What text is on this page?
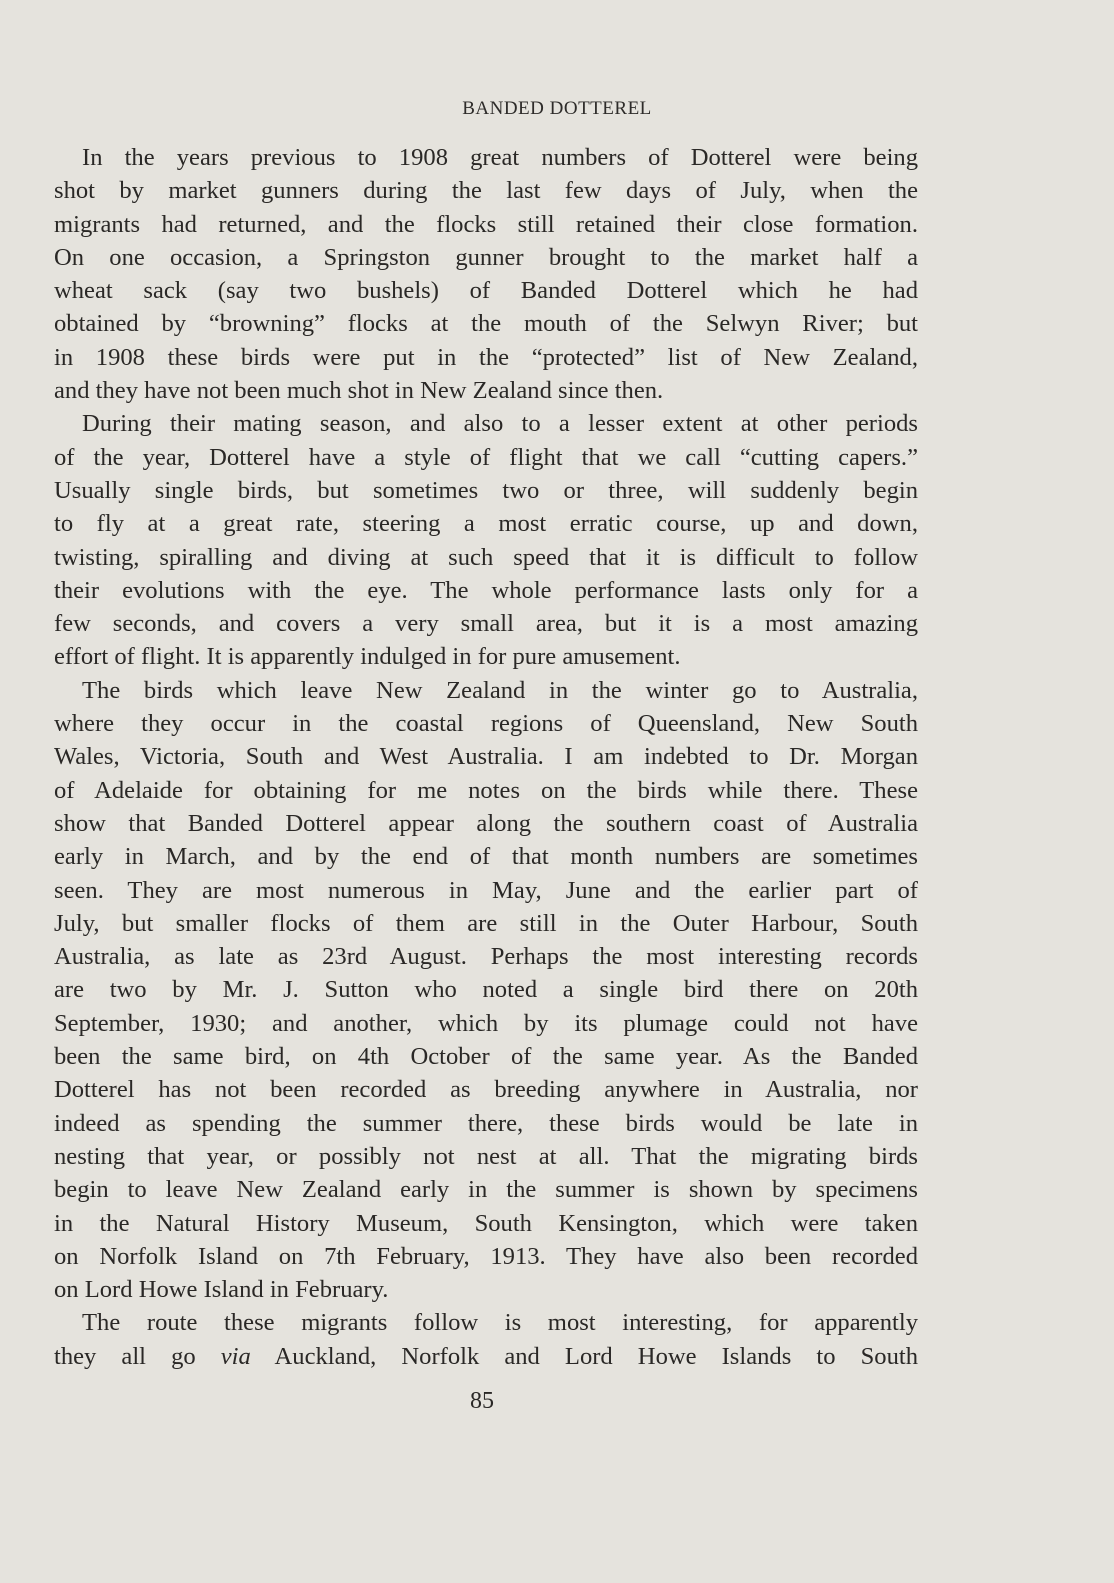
BANDED DOTTEREL
In the years previous to 1908 great numbers of Dotterel were being
shot by market gunners during the last few days of July, when the
migrants had returned, and the flocks still retained their close formation.
On one occasion, a Springston gunner brought to the market half a
wheat sack (say two bushels) of Banded Dotterel which he had
obtained by “browning” flocks at the mouth of the Selwyn River; but
in 1908 these birds were put in the “protected” list of New Zealand,
and they have not been much shot in New Zealand since then.
During their mating season, and also to a lesser extent at other periods
of the year, Dotterel have a style of flight that we call “cutting capers.”
Usually single birds, but sometimes two or three, will suddenly begin
to fly at a great rate, steering a most erratic course, up and down,
twisting, spiralling and diving at such speed that it is difficult to follow
their evolutions with the eye. The whole performance lasts only for a
few seconds, and covers a very small area, but it is a most amazing
effort of flight. It is apparently indulged in for pure amusement.
The birds which leave New Zealand in the winter go to Australia,
where they occur in the coastal regions of Queensland, New South
Wales, Victoria, South and West Australia. I am indebted to Dr. Morgan
of Adelaide for obtaining for me notes on the birds while there. These
show that Banded Dotterel appear along the southern coast of Australia
early in March, and by the end of that month numbers are sometimes
seen. They are most numerous in May, June and the earlier part of
July, but smaller flocks of them are still in the Outer Harbour, South
Australia, as late as 23rd August. Perhaps the most interesting records
are two by Mr. J. Sutton who noted a single bird there on 20th
September, 1930; and another, which by its plumage could not have
been the same bird, on 4th October of the same year. As the Banded
Dotterel has not been recorded as breeding anywhere in Australia, nor
indeed as spending the summer there, these birds would be late in
nesting that year, or possibly not nest at all. That the migrating birds
begin to leave New Zealand early in the summer is shown by specimens
in the Natural History Museum, South Kensington, which were taken
on Norfolk Island on 7th February, 1913. They have also been recorded
on Lord Howe Island in February.
The route these migrants follow is most interesting, for apparently
they all go via Auckland, Norfolk and Lord Howe Islands to South
85
